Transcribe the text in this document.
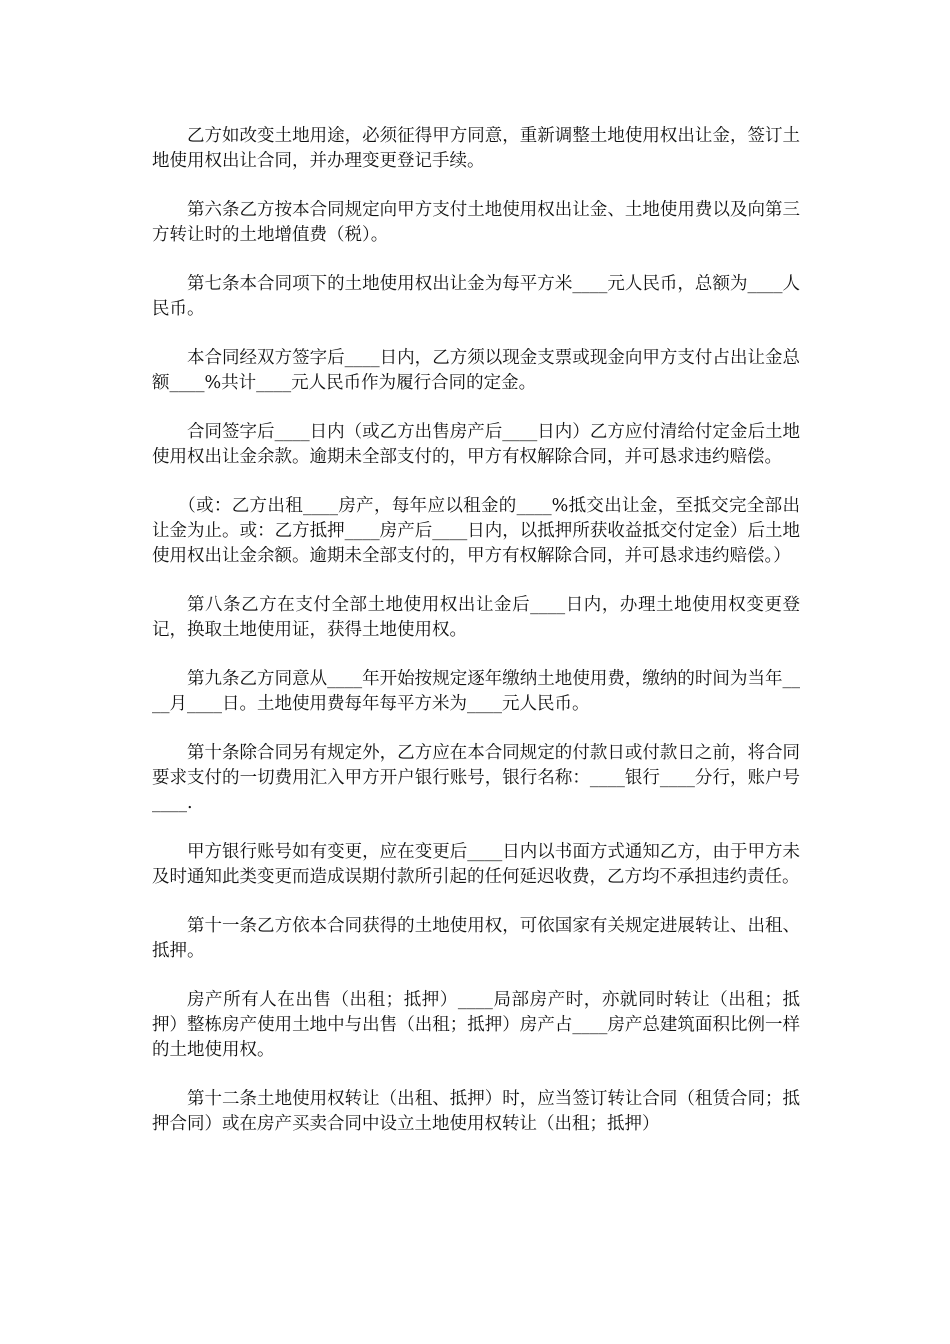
乙方如改变土地用途，必须征得甲方同意，重新调整土地使用权出让金，签订土地使用权出让合同，并办理变更登记手续。

第六条乙方按本合同规定向甲方支付土地使用权出让金、土地使用费以及向第三方转让时的土地增值费（税）。

第七条本合同项下的土地使用权出让金为每平方米____元人民币，总额为____人民币。

本合同经双方签字后____日内，乙方须以现金支票或现金向甲方支付占出让金总额____%共计____元人民币作为履行合同的定金。

合同签字后____日内（或乙方出售房产后____日内）乙方应付清给付定金后土地使用权出让金余款。逾期未全部支付的，甲方有权解除合同，并可恳求违约赔偿。

（或：乙方出租____房产，每年应以租金的____%抵交出让金，至抵交完全部出让金为止。或：乙方抵押____房产后____日内，以抵押所获收益抵交付定金）后土地使用权出让金余额。逾期未全部支付的，甲方有权解除合同，并可恳求违约赔偿。）

第八条乙方在支付全部土地使用权出让金后____日内，办理土地使用权变更登记，换取土地使用证，获得土地使用权。

第九条乙方同意从____年开始按规定逐年缴纳土地使用费，缴纳的时间为当年____月____日。土地使用费每年每平方米为____元人民币。

第十条除合同另有规定外，乙方应在本合同规定的付款日或付款日之前，将合同要求支付的一切费用汇入甲方开户银行账号，银行名称：____银行____分行，账户号____.

甲方银行账号如有变更，应在变更后____日内以书面方式通知乙方，由于甲方未及时通知此类变更而造成误期付款所引起的任何延迟收费，乙方均不承担违约责任。

第十一条乙方依本合同获得的土地使用权，可依国家有关规定进展转让、出租、抵押。

房产所有人在出售（出租；抵押）____局部房产时，亦就同时转让（出租；抵押）整栋房产使用土地中与出售（出租；抵押）房产占____房产总建筑面积比例一样的土地使用权。

第十二条土地使用权转让（出租、抵押）时，应当签订转让合同（租赁合同；抵押合同）或在房产买卖合同中设立土地使用权转让（出租；抵押）
